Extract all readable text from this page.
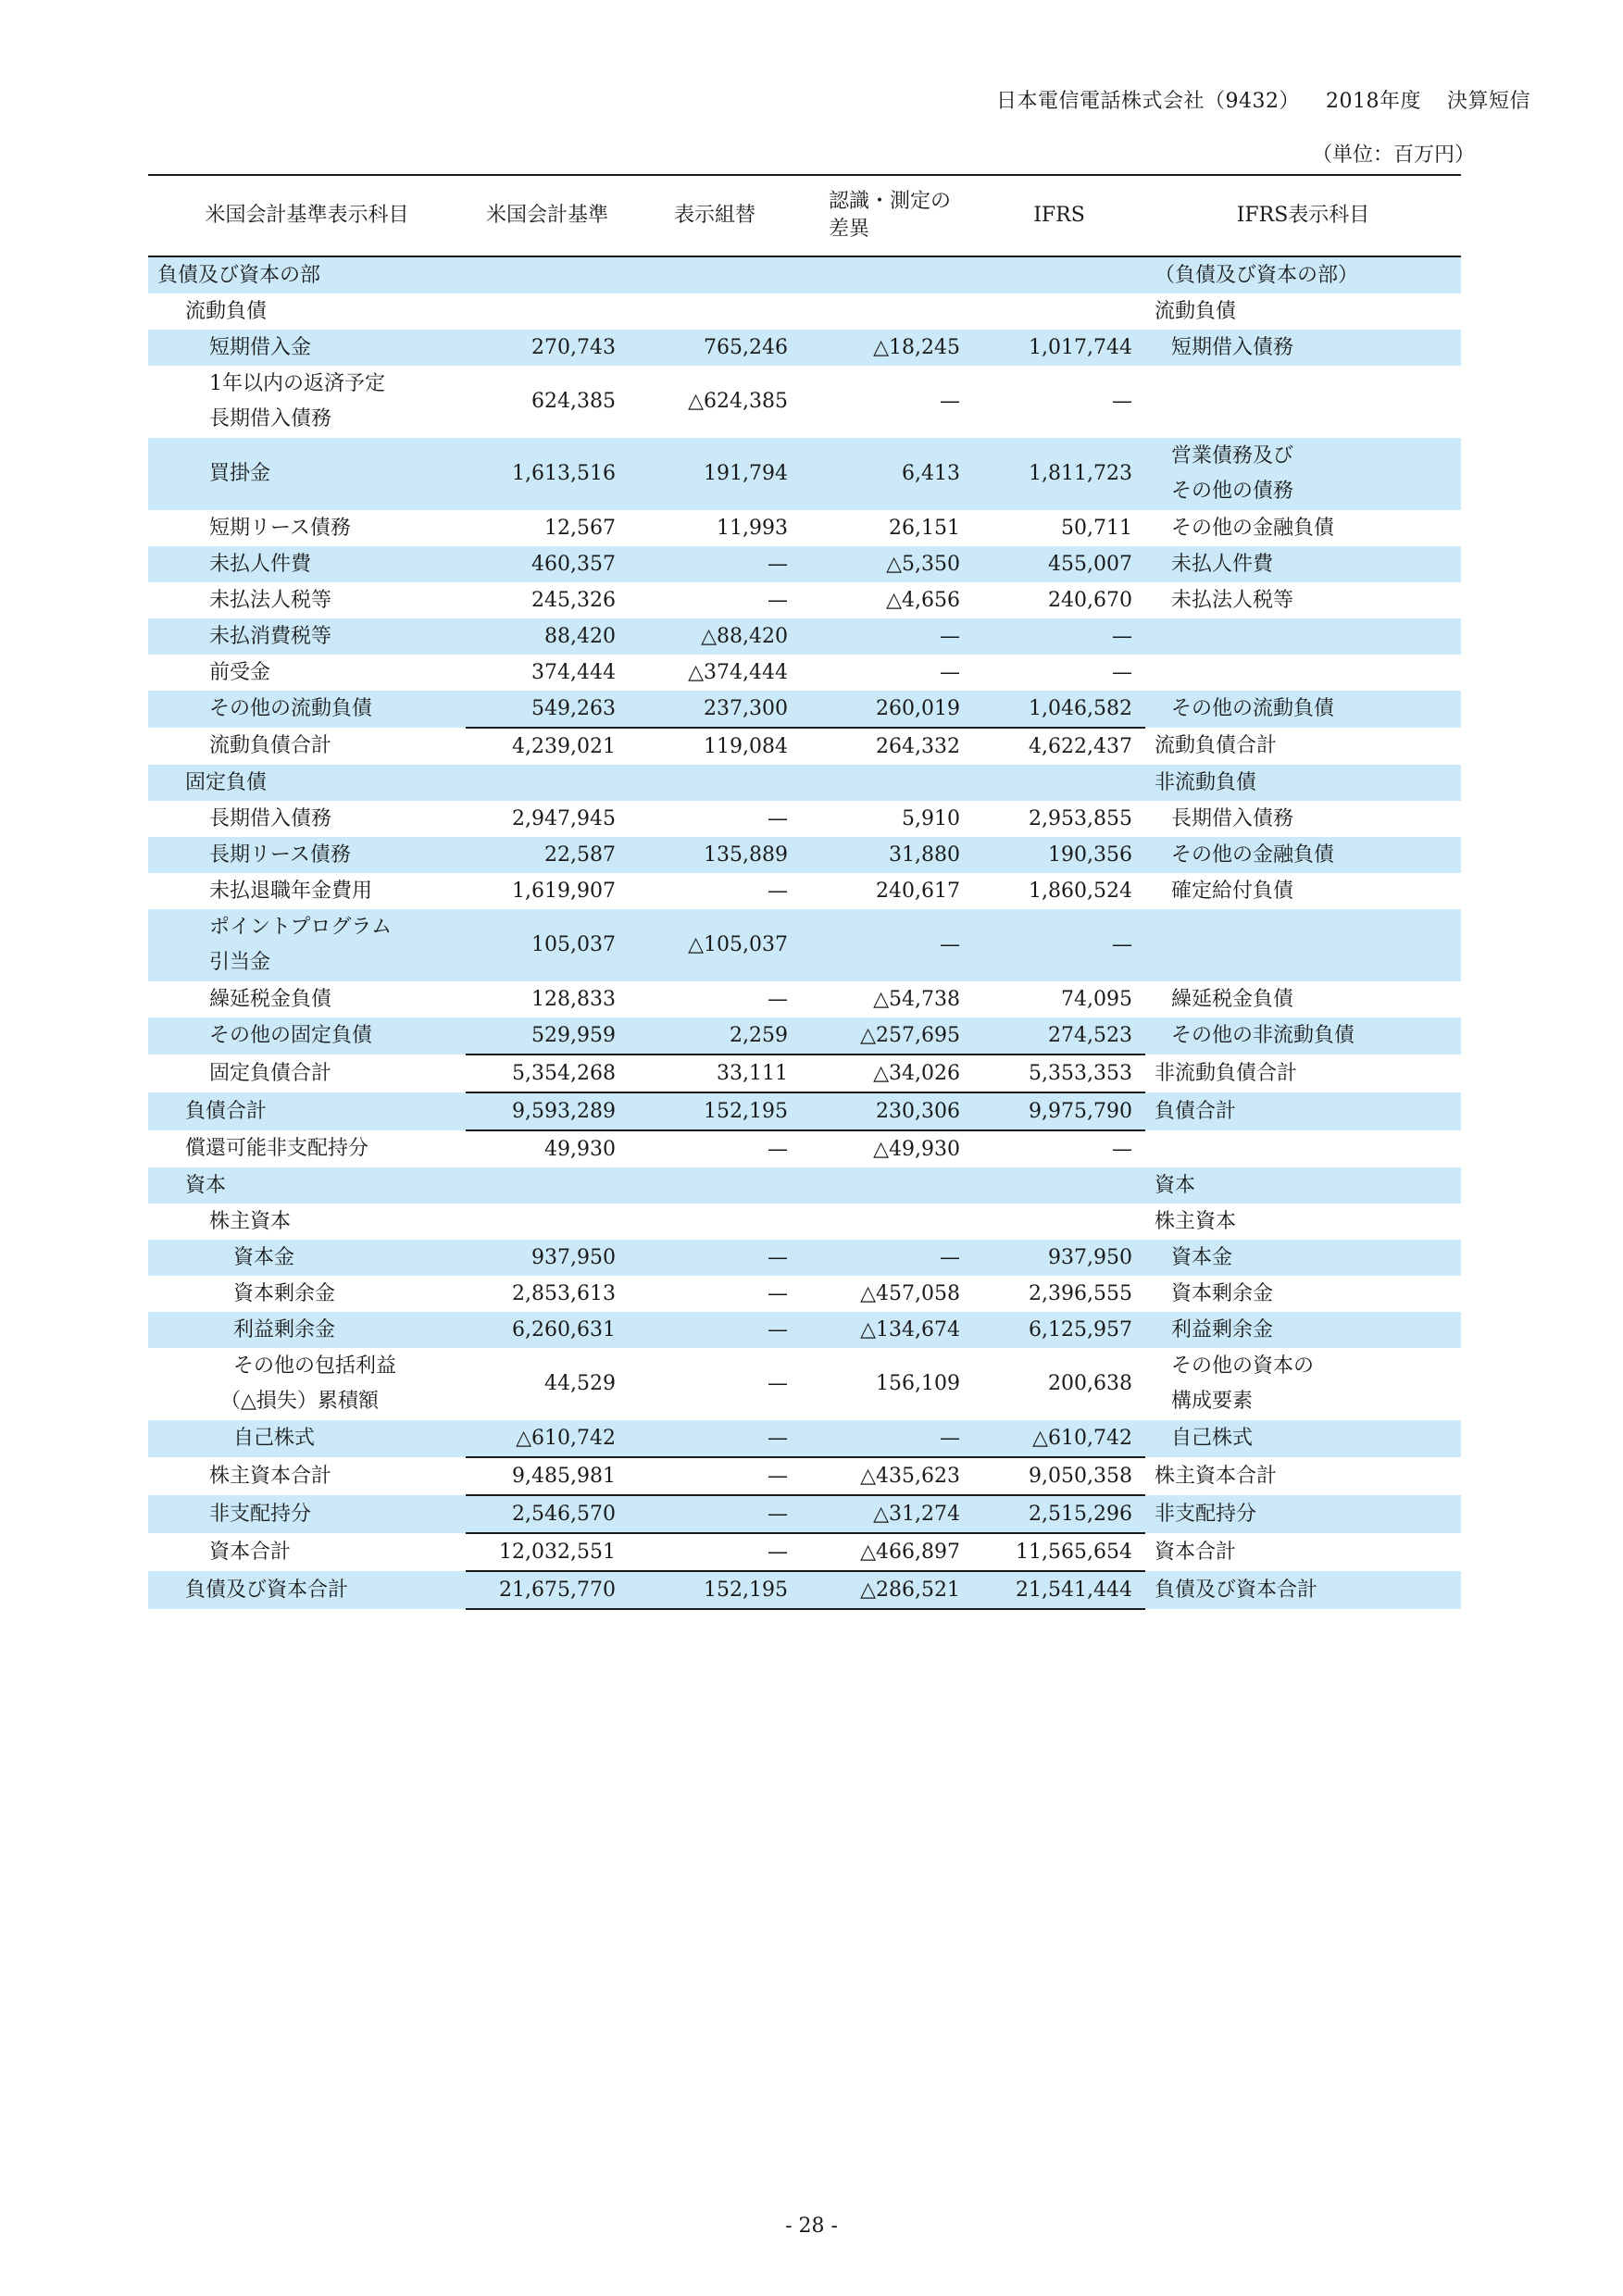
日本電信電話株式会社（9432） 2018年度 決算短信
（単位：百万円）
米国会計基準表示科目	米国会計基準	表示組替	認識・測定の
差異	IFRS	IFRS表示科目
負債及び資本の部					（負債及び資本の部）
流動負債					流動負債
短期借入金	270,743	765,246	△18,245	1,017,744	短期借入債務
1年以内の返済予定
長期借入債務	624,385	△624,385	—	—	
買掛金	1,613,516	191,794	6,413	1,811,723	営業債務及び
その他の債務
短期リース債務	12,567	11,993	26,151	50,711	その他の金融負債
未払人件費	460,357	—	△5,350	455,007	未払人件費
未払法人税等	245,326	—	△4,656	240,670	未払法人税等
未払消費税等	88,420	△88,420	—	—	
前受金	374,444	△374,444	—	—	
その他の流動負債	549,263	237,300	260,019	1,046,582	その他の流動負債
流動負債合計	4,239,021	119,084	264,332	4,622,437	流動負債合計
固定負債					非流動負債
長期借入債務	2,947,945	—	5,910	2,953,855	長期借入債務
長期リース債務	22,587	135,889	31,880	190,356	その他の金融負債
未払退職年金費用	1,619,907	—	240,617	1,860,524	確定給付負債
ポイントプログラム
引当金	105,037	△105,037	—	—	
繰延税金負債	128,833	—	△54,738	74,095	繰延税金負債
その他の固定負債	529,959	2,259	△257,695	274,523	その他の非流動負債
固定負債合計	5,354,268	33,111	△34,026	5,353,353	非流動負債合計
負債合計	9,593,289	152,195	230,306	9,975,790	負債合計
償還可能非支配持分	49,930	—	△49,930	—	
資本					資本
株主資本					株主資本
資本金	937,950	—	—	937,950	資本金
資本剰余金	2,853,613	—	△457,058	2,396,555	資本剰余金
利益剰余金	6,260,631	—	△134,674	6,125,957	利益剰余金
その他の包括利益
（△損失）累積額	44,529	—	156,109	200,638	その他の資本の
構成要素
自己株式	△610,742	—	—	△610,742	自己株式
株主資本合計	9,485,981	—	△435,623	9,050,358	株主資本合計
非支配持分	2,546,570	—	△31,274	2,515,296	非支配持分
資本合計	12,032,551	—	△466,897	11,565,654	資本合計
負債及び資本合計	21,675,770	152,195	△286,521	21,541,444	負債及び資本合計
- 28 -
